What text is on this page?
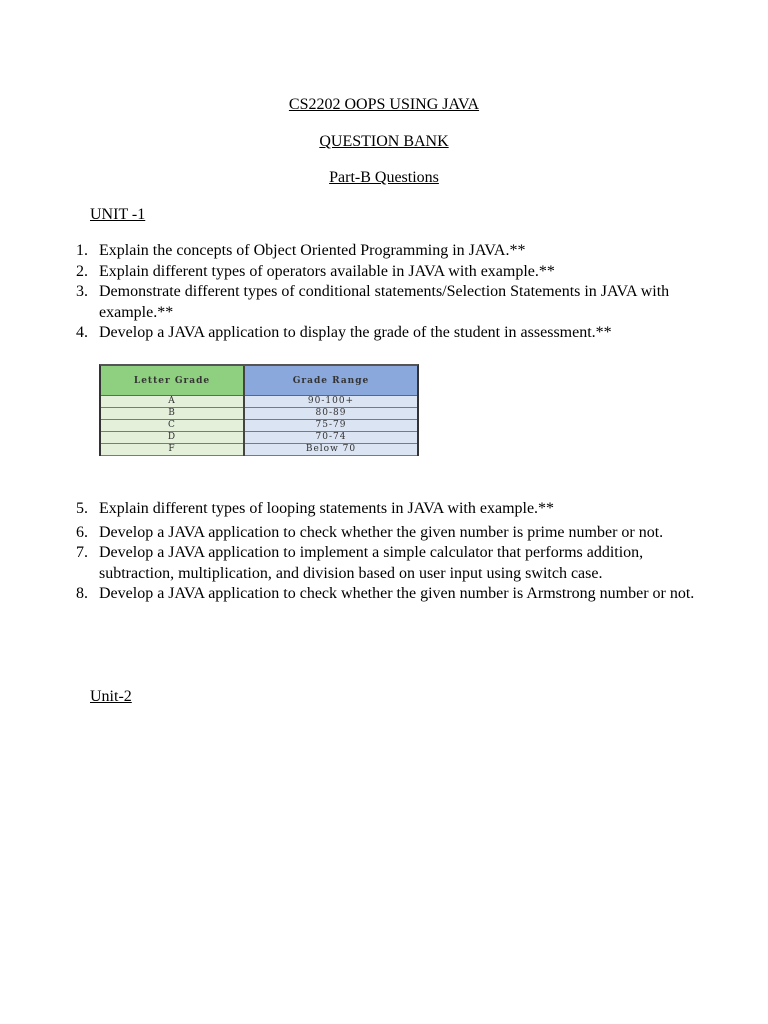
CS2202 OOPS USING JAVA
QUESTION BANK
Part-B Questions
UNIT -1
1. Explain the concepts of Object Oriented Programming in JAVA.**
2. Explain different types of operators available in JAVA with example.**
3. Demonstrate different types of conditional statements/Selection Statements in JAVA with example.**
4. Develop a JAVA application to display the grade of the student in assessment.**
Letter Grade	Grade Range
A	90-100+
B	80-89
C	75-79
D	70-74
F	Below 70
5. Explain different types of looping statements in JAVA with example.**
6. Develop a JAVA application to check whether the given number is prime number or not.
7. Develop a JAVA application to implement a simple calculator that performs addition, subtraction, multiplication, and division based on user input using switch case.
8. Develop a JAVA application to check whether the given number is Armstrong number or not.
Unit-2
